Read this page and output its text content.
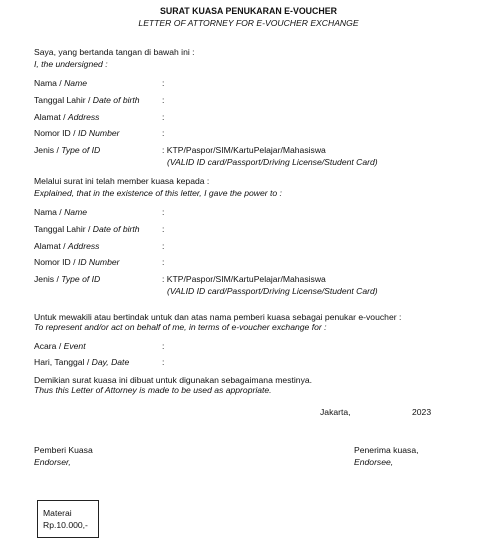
SURAT KUASA PENUKARAN E-VOUCHER
LETTER OF ATTORNEY FOR E-VOUCHER EXCHANGE
Saya, yang bertanda tangan di bawah ini :
I, the undersigned :
Nama / Name	:
Tanggal Lahir / Date of birth	:
Alamat / Address	:
Nomor ID / ID Number	:
Jenis / Type of ID	: KTP/Paspor/SIM/KartuPelajar/Mahasiswa
(VALID ID card/Passport/Driving License/Student Card)
Melalui surat ini telah member kuasa kepada :
Explained, that in the existence of this letter, I gave the power to :
Nama / Name	:
Tanggal Lahir / Date of birth	:
Alamat / Address	:
Nomor ID / ID Number	:
Jenis / Type of ID	: KTP/Paspor/SIM/KartuPelajar/Mahasiswa
(VALID ID card/Passport/Driving License/Student Card)
Untuk mewakili atau bertindak untuk dan atas nama pemberi kuasa sebagai penukar e-voucher :
To represent and/or act on behalf of me, in terms of e-voucher exchange for :
Acara / Event	:
Hari, Tanggal / Day, Date	:
Demikian surat kuasa ini dibuat untuk digunakan sebagaimana mestinya.
Thus this Letter of Attorney is made to be used as appropriate.
Jakarta,	2023
Pemberi Kuasa
Endorser,
Penerima kuasa,
Endorsee,
Materai
Rp.10.000,-
